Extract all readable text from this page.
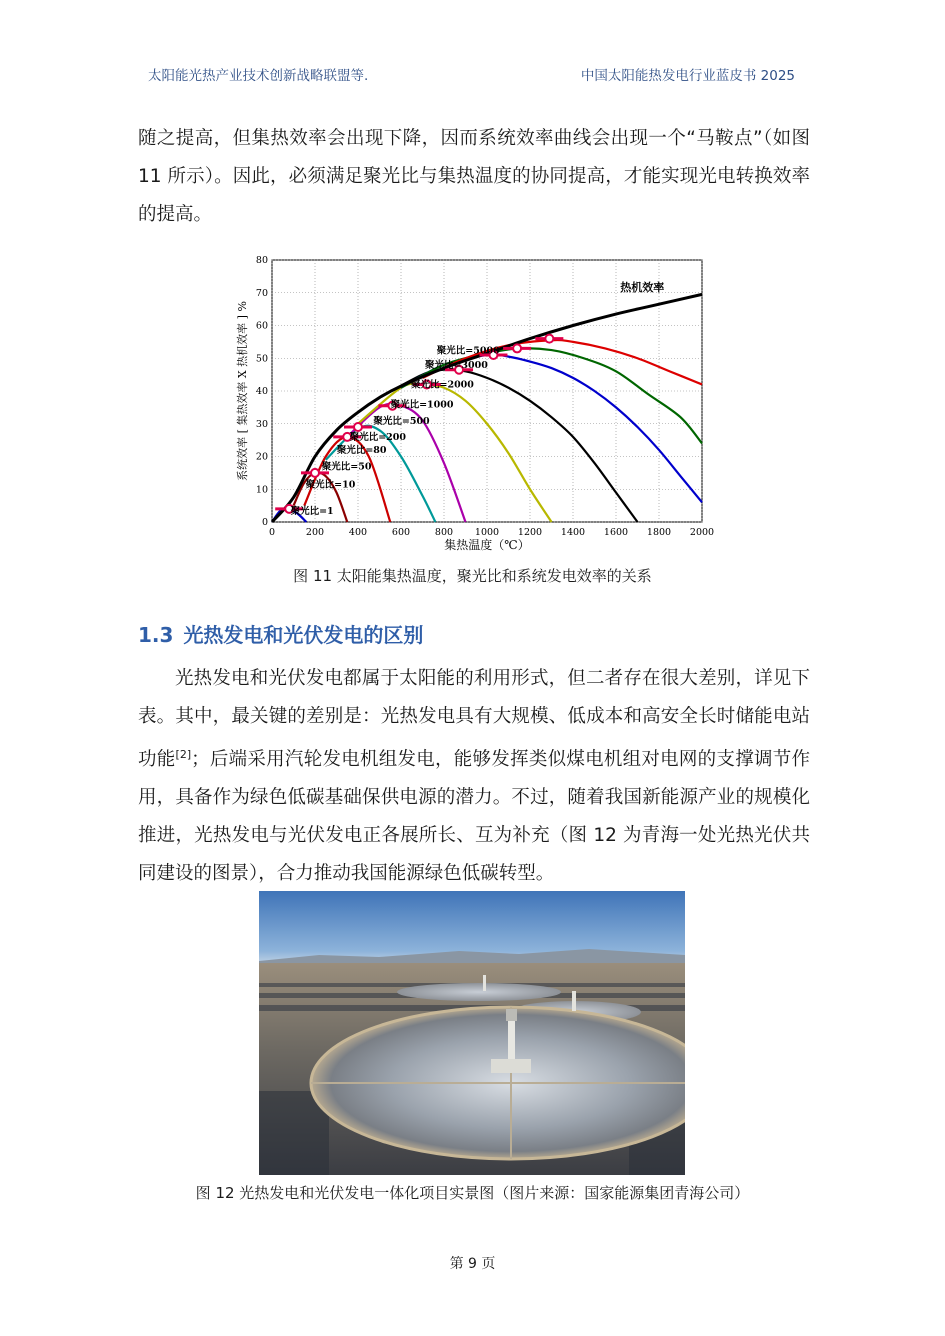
太阳能光热产业技术创新战略联盟等.	中国太阳能热发电行业蓝皮书 2025

随之提高，但集热效率会出现下降，因而系统效率曲线会出现一个“马鞍点”（如图 11 所示）。因此，必须满足聚光比与集热温度的协同提高，才能实现光电转换效率的提高。

0	200	400	600	800 1000 1200 1400 1600 1800 2000
0
10
20
30
40
50
60
70
80
聚光比=1
聚光比=10
聚光比=50
聚光比=80
聚光比=200
聚光比=500
聚光比=1000
聚光比=2000
聚光比=3000
聚光比=5000
热机效率
集热温度（℃）
系统效率 [ 集热效率 X 热机效率 ] %
图 11 太阳能集热温度，聚光比和系统发电效率的关系
1.3 光热发电和光伏发电的区别

光热发电和光伏发电都属于太阳能的利用形式，但二者存在很大差别，详见下表。其中，最关键的差别是：光热发电具有大规模、低成本和高安全长时储能电站功能[2]；后端采用汽轮发电机组发电，能够发挥类似煤电机组对电网的支撑调节作用，具备作为绿色低碳基础保供电源的潜力。不过，随着我国新能源产业的规模化推进，光热发电与光伏发电正各展所长、互为补充（图 12 为青海一处光热光伏共同建设的图景），合力推动我国能源绿色低碳转型。

图 12 光热发电和光伏发电一体化项目实景图（图片来源：国家能源集团青海公司）
第 9 页
